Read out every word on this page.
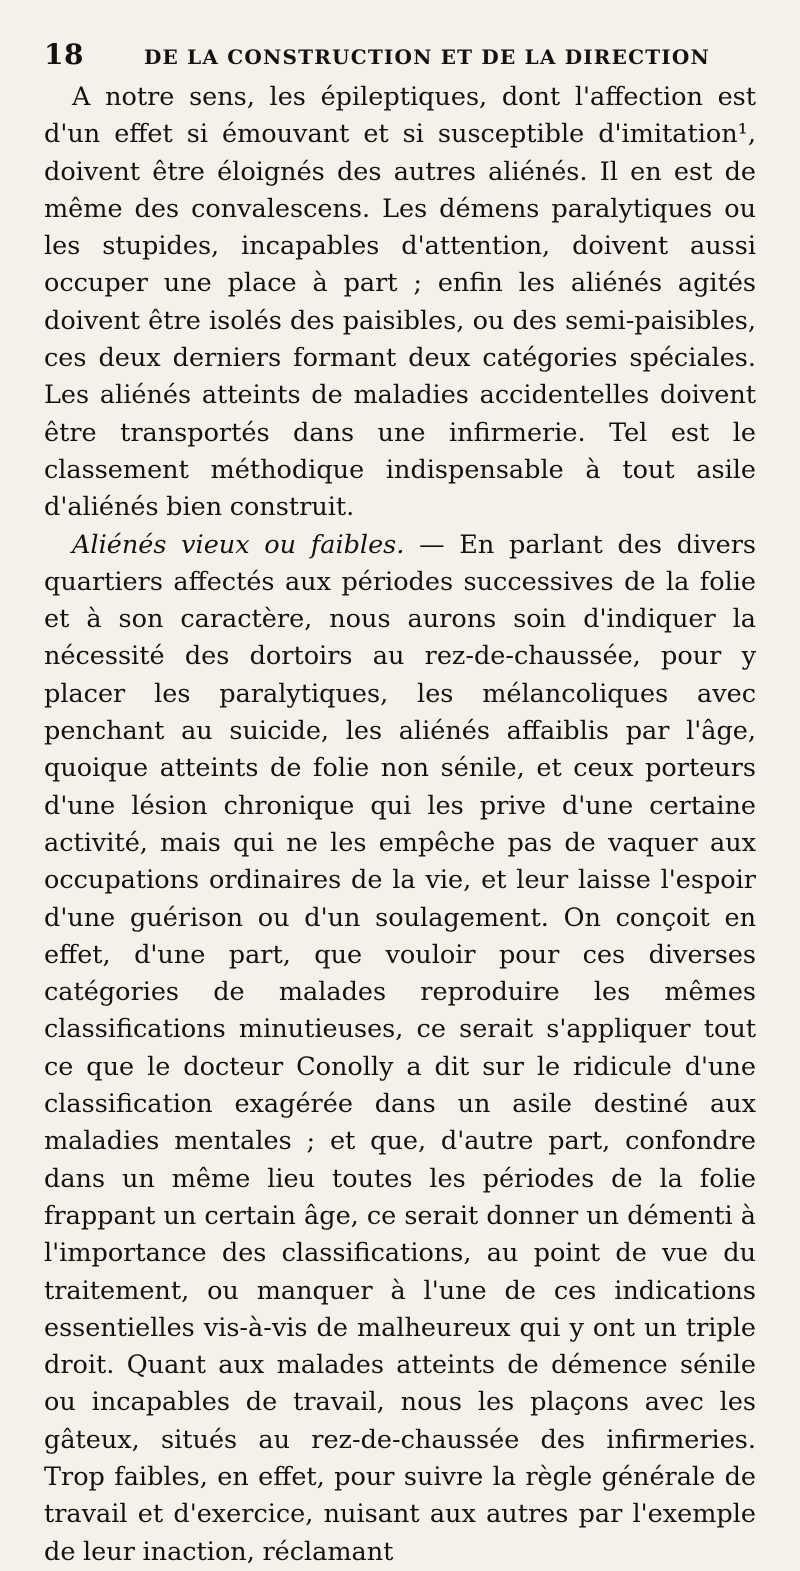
18	DE LA CONSTRUCTION ET DE LA DIRECTION

A notre sens, les épileptiques, dont l'affection est d'un effet si émouvant et si susceptible d'imitation¹, doivent être éloignés des autres aliénés. Il en est de même des convalescens. Les démens paralytiques ou les stupides, incapables d'attention, doivent aussi occuper une place à part ; enfin les aliénés agités doivent être isolés des paisibles, ou des semi-paisibles, ces deux derniers formant deux catégories spéciales. Les aliénés atteints de maladies accidentelles doivent être transportés dans une infirmerie. Tel est le classement méthodique indispensable à tout asile d'aliénés bien construit.

Aliénés vieux ou faibles. — En parlant des divers quartiers affectés aux périodes successives de la folie et à son caractère, nous aurons soin d'indiquer la nécessité des dortoirs au rez-de-chaussée, pour y placer les paralytiques, les mélancoliques avec penchant au suicide, les aliénés affaiblis par l'âge, quoique atteints de folie non sénile, et ceux porteurs d'une lésion chronique qui les prive d'une certaine activité, mais qui ne les empêche pas de vaquer aux occupations ordinaires de la vie, et leur laisse l'espoir d'une guérison ou d'un soulagement. On conçoit en effet, d'une part, que vouloir pour ces diverses catégories de malades reproduire les mêmes classifications minutieuses, ce serait s'appliquer tout ce que le docteur Conolly a dit sur le ridicule d'une classification exagérée dans un asile destiné aux maladies mentales ; et que, d'autre part, confondre dans un même lieu toutes les périodes de la folie frappant un certain âge, ce serait donner un démenti à l'importance des classifications, au point de vue du traitement, ou manquer à l'une de ces indications essentielles vis-à-vis de malheureux qui y ont un triple droit. Quant aux malades atteints de démence sénile ou incapables de travail, nous les plaçons avec les gâteux, situés au rez-de-chaussée des infirmeries. Trop faibles, en effet, pour suivre la règle générale de travail et d'exercice, nuisant aux autres par l'exemple de leur inaction, réclamant
